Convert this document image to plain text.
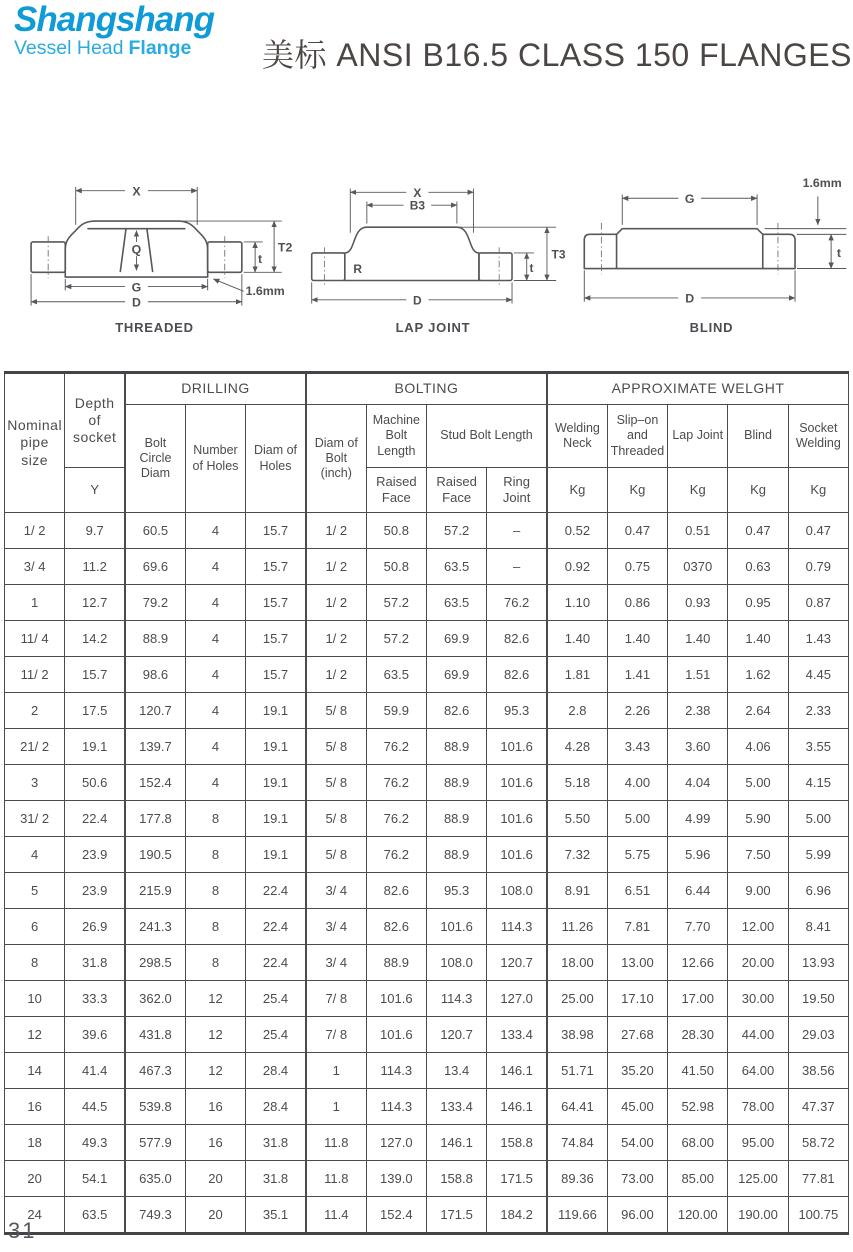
Shangshang
Vessel Head Flange	美标 ANSI B16.5 CLASS 150 FLANGES
X
Q
G
D
T2
t
1.6mm
THREADED
R
X
B3
D
T3
t
LAP JOINT
G
D
1.6mm
t
BLIND
Nominal pipe size	Depth of socket	DRILLING			BOLTING				APPROXIMATE WELGHT				
		Bolt Circle Diam	Number of Holes	Diam of Holes	Diam of Bolt (inch)	Machine Bolt Length	Stud Bolt Length		Welding Neck	Slip–on and Threaded	Lap Joint	Blind	Socket Welding
	Y					Raised Face	Raised Face	Ring Joint	Kg	Kg	Kg	Kg	Kg
1/ 2	9.7	60.5	4	15.7	1/ 2	50.8	57.2	–	0.52	0.47	0.51	0.47	0.47
3/ 4	11.2	69.6	4	15.7	1/ 2	50.8	63.5	–	0.92	0.75	0370	0.63	0.79
1	12.7	79.2	4	15.7	1/ 2	57.2	63.5	76.2	1.10	0.86	0.93	0.95	0.87
11/ 4	14.2	88.9	4	15.7	1/ 2	57.2	69.9	82.6	1.40	1.40	1.40	1.40	1.43
11/ 2	15.7	98.6	4	15.7	1/ 2	63.5	69.9	82.6	1.81	1.41	1.51	1.62	4.45
2	17.5	120.7	4	19.1	5/ 8	59.9	82.6	95.3	2.8	2.26	2.38	2.64	2.33
21/ 2	19.1	139.7	4	19.1	5/ 8	76.2	88.9	101.6	4.28	3.43	3.60	4.06	3.55
3	50.6	152.4	4	19.1	5/ 8	76.2	88.9	101.6	5.18	4.00	4.04	5.00	4.15
31/ 2	22.4	177.8	8	19.1	5/ 8	76.2	88.9	101.6	5.50	5.00	4.99	5.90	5.00
4	23.9	190.5	8	19.1	5/ 8	76.2	88.9	101.6	7.32	5.75	5.96	7.50	5.99
5	23.9	215.9	8	22.4	3/ 4	82.6	95.3	108.0	8.91	6.51	6.44	9.00	6.96
6	26.9	241.3	8	22.4	3/ 4	82.6	101.6	114.3	11.26	7.81	7.70	12.00	8.41
8	31.8	298.5	8	22.4	3/ 4	88.9	108.0	120.7	18.00	13.00	12.66	20.00	13.93
10	33.3	362.0	12	25.4	7/ 8	101.6	114.3	127.0	25.00	17.10	17.00	30.00	19.50
12	39.6	431.8	12	25.4	7/ 8	101.6	120.7	133.4	38.98	27.68	28.30	44.00	29.03
14	41.4	467.3	12	28.4	1	114.3	13.4	146.1	51.71	35.20	41.50	64.00	38.56
16	44.5	539.8	16	28.4	1	114.3	133.4	146.1	64.41	45.00	52.98	78.00	47.37
18	49.3	577.9	16	31.8	11.8	127.0	146.1	158.8	74.84	54.00	68.00	95.00	58.72
20	54.1	635.0	20	31.8	11.8	139.0	158.8	171.5	89.36	73.00	85.00	125.00	77.81
24	63.5	749.3	20	35.1	11.4	152.4	171.5	184.2	119.66	96.00	120.00	190.00	100.75
31
